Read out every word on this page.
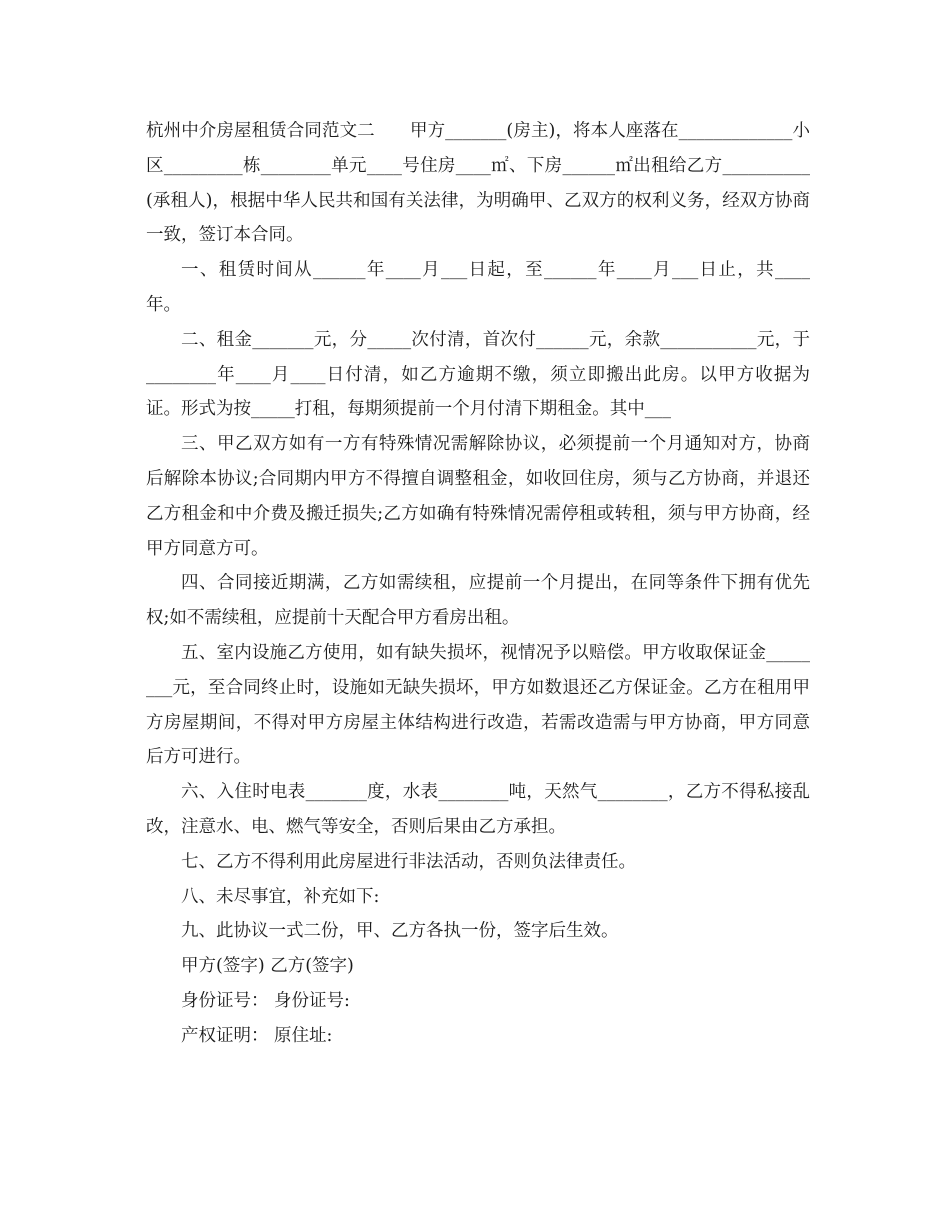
杭州中介房屋租赁合同范文二　　甲方_______(房主)，将本人座落在_____________小区_________栋________单元____号住房____㎡、下房______㎡出租给乙方__________(承租人)，根据中华人民共和国有关法律，为明确甲、乙双方的权利义务，经双方协商一致，签订本合同。

一、租赁时间从______年____月___日起，至______年____月___日止，共____年。

二、租金_______元，分_____次付清，首次付______元，余款___________元，于________年____月____日付清，如乙方逾期不缴，须立即搬出此房。以甲方收据为证。形式为按_____打租，每期须提前一个月付清下期租金。其中___

三、甲乙双方如有一方有特殊情况需解除协议，必须提前一个月通知对方，协商后解除本协议;合同期内甲方不得擅自调整租金，如收回住房，须与乙方协商，并退还乙方租金和中介费及搬迁损失;乙方如确有特殊情况需停租或转租，须与甲方协商，经甲方同意方可。

四、合同接近期满，乙方如需续租，应提前一个月提出，在同等条件下拥有优先权;如不需续租，应提前十天配合甲方看房出租。

五、室内设施乙方使用，如有缺失损坏，视情况予以赔偿。甲方收取保证金________元，至合同终止时，设施如无缺失损坏，甲方如数退还乙方保证金。乙方在租用甲方房屋期间，不得对甲方房屋主体结构进行改造，若需改造需与甲方协商，甲方同意后方可进行。

六、入住时电表_______度，水表________吨，天然气________，乙方不得私接乱改，注意水、电、燃气等安全，否则后果由乙方承担。

七、乙方不得利用此房屋进行非法活动，否则负法律责任。

八、未尽事宜，补充如下:

九、此协议一式二份，甲、乙方各执一份，签字后生效。

甲方(签字) 乙方(签字)

身份证号： 身份证号:

产权证明： 原住址:
